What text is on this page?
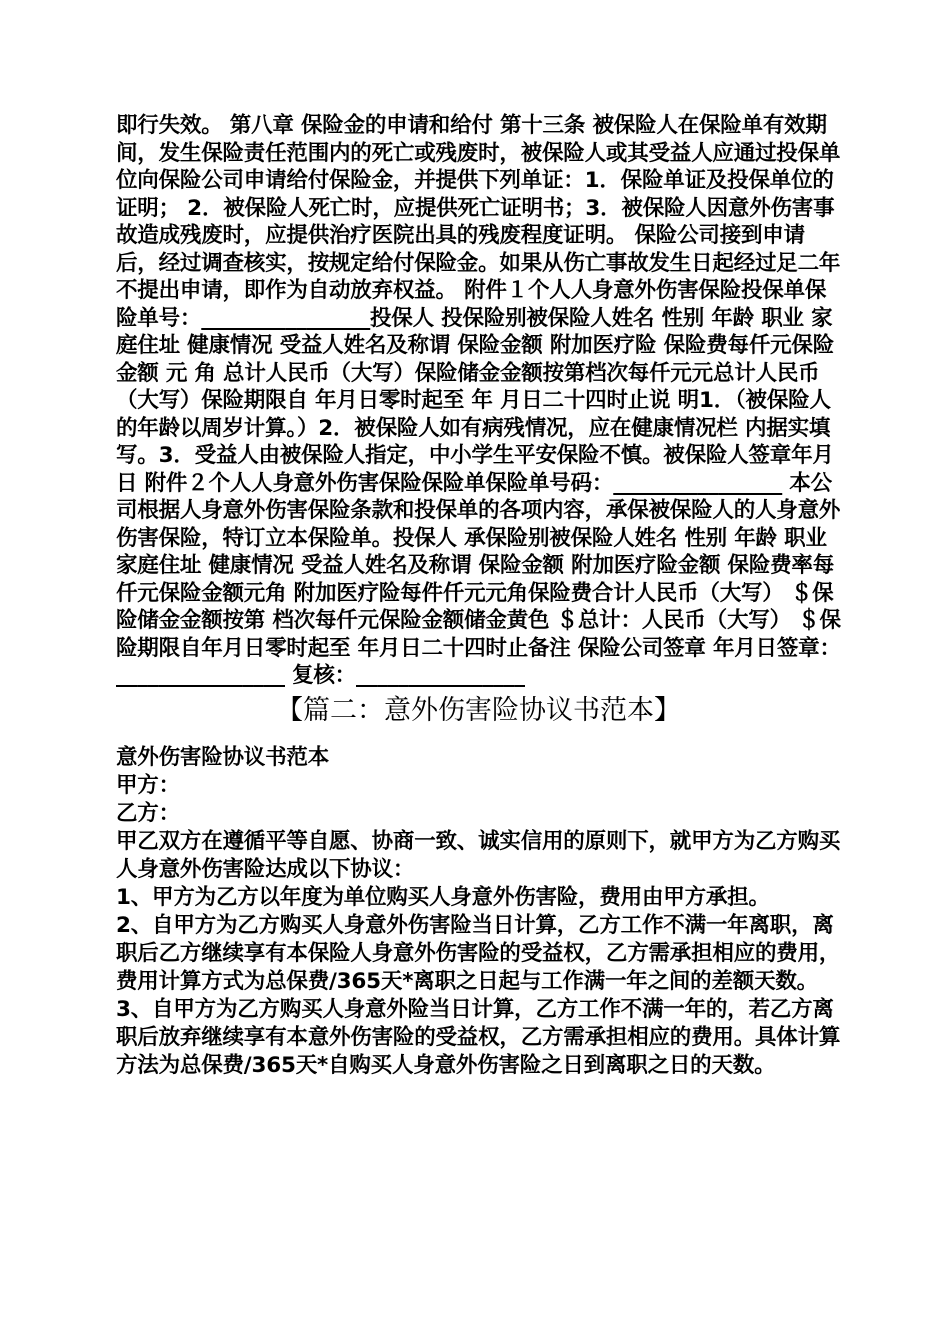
即行失效。 第八章 保险金的申请和给付 第十三条 被保险人在保险单有效期间，发生保险责任范围内的死亡或残废时，被保险人或其受益人应通过投保单位向保险公司申请给付保险金，并提供下列单证：1．保险单证及投保单位的证明； 2．被保险人死亡时，应提供死亡证明书；3．被保险人因意外伤害事故造成残废时，应提供治疗医院出具的残废程度证明。 保险公司接到申请后，经过调查核实，按规定给付保险金。如果从伤亡事故发生日起经过足二年不提出申请，即作为自动放弃权益。 附件１个人人身意外伤害保险投保单保险单号：________________投保人 投保险别被保险人姓名 性别 年龄 职业 家庭住址 健康情况 受益人姓名及称谓 保险金额 附加医疗险 保险费每仟元保险金额 元 角 总计人民币（大写）保险储金金额按第档次每仟元元总计人民币（大写）保险期限自 年月日零时起至 年 月日二十四时止说 明1．（被保险人的年龄以周岁计算。）2．被保险人如有病残情况，应在健康情况栏 内据实填写。3．受益人由被保险人指定，中小学生平安保险不慎。被保险人签章年月日 附件２个人人身意外伤害保险保险单保险单号码：________________ 本公司根据人身意外伤害保险条款和投保单的各项内容，承保被保险人的人身意外伤害保险，特订立本保险单。投保人 承保险别被保险人姓名 性别 年龄 职业 家庭住址 健康情况 受益人姓名及称谓 保险金额 附加医疗险金额 保险费率每仟元保险金额元角 附加医疗险每件仟元元角保险费合计人民币（大写） ＄保险储金金额按第 档次每仟元保险金额储金黄色 ＄总计：人民币（大写） ＄保险期限自年月日零时起至 年月日二十四时止备注 保险公司签章 年月日签章：________________ 复核：________________
【篇二：意外伤害险协议书范本】

意外伤害险协议书范本

甲方：

乙方：

甲乙双方在遵循平等自愿、协商一致、诚实信用的原则下，就甲方为乙方购买人身意外伤害险达成以下协议：

1、甲方为乙方以年度为单位购买人身意外伤害险，费用由甲方承担。

2、自甲方为乙方购买人身意外伤害险当日计算，乙方工作不满一年离职，离职后乙方继续享有本保险人身意外伤害险的受益权，乙方需承担相应的费用，费用计算方式为总保费/365天*离职之日起与工作满一年之间的差额天数。

3、自甲方为乙方购买人身意外险当日计算，乙方工作不满一年的，若乙方离职后放弃继续享有本意外伤害险的受益权，乙方需承担相应的费用。具体计算方法为总保费/365天*自购买人身意外伤害险之日到离职之日的天数。
